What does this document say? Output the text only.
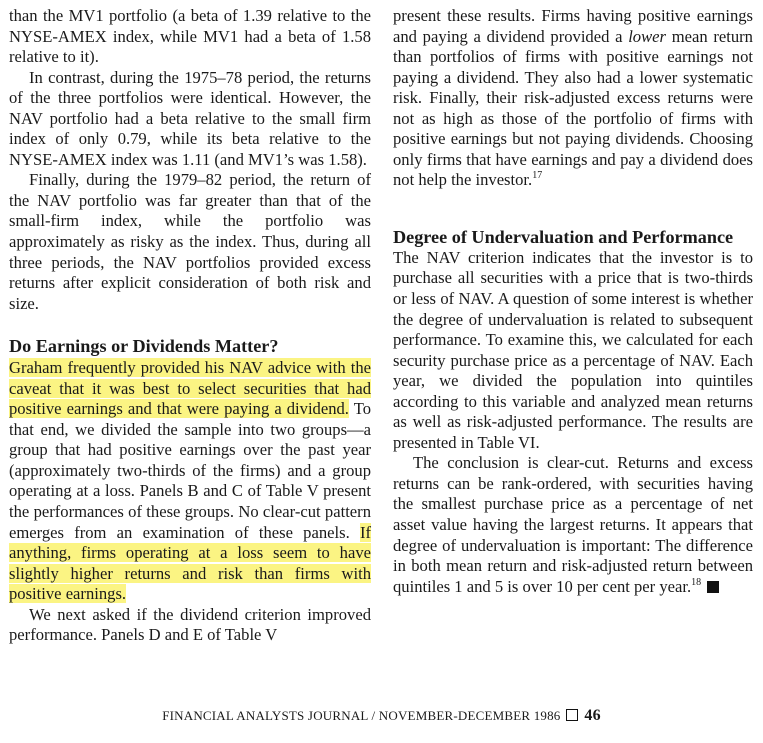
than the MV1 portfolio (a beta of 1.39 relative to the NYSE-AMEX index, while MV1 had a beta of 1.58 relative to it).

In contrast, during the 1975–78 period, the returns of the three portfolios were identical. However, the NAV portfolio had a beta relative to the small firm index of only 0.79, while its beta relative to the NYSE-AMEX index was 1.11 (and MV1’s was 1.58).

Finally, during the 1979–82 period, the return of the NAV portfolio was far greater than that of the small-firm index, while the portfolio was approximately as risky as the index. Thus, during all three periods, the NAV portfolios provided excess returns after explicit consideration of both risk and size.

Do Earnings or Dividends Matter?

Graham frequently provided his NAV advice with the caveat that it was best to select securities that had positive earnings and that were paying a dividend. To that end, we divided the sample into two groups—a group that had positive earnings over the past year (approximately two-thirds of the firms) and a group operating at a loss. Panels B and C of Table V present the performances of these groups. No clear-cut pattern emerges from an examination of these panels. If anything, firms operating at a loss seem to have slightly higher returns and risk than firms with positive earnings.

We next asked if the dividend criterion improved performance. Panels D and E of Table V

present these results. Firms having positive earnings and paying a dividend provided a lower mean return than portfolios of firms with positive earnings not paying a dividend. They also had a lower systematic risk. Finally, their risk-adjusted excess returns were not as high as those of the portfolio of firms with positive earnings but not paying dividends. Choosing only firms that have earnings and pay a dividend does not help the investor.$^{17}$

Degree of Undervaluation and Performance

The NAV criterion indicates that the investor is to purchase all securities with a price that is two-thirds or less of NAV. A question of some interest is whether the degree of undervaluation is related to subsequent performance. To examine this, we calculated for each security purchase price as a percentage of NAV. Each year, we divided the population into quintiles according to this variable and analyzed mean returns as well as risk-adjusted performance. The results are presented in Table VI.

The conclusion is clear-cut. Returns and excess returns can be rank-ordered, with securities having the smallest purchase price as a percentage of net asset value having the largest returns. It appears that degree of undervaluation is important: The difference in both mean return and risk-adjusted return between quintiles 1 and 5 is over 10 per cent per year.$^{18}$

FINANCIAL ANALYSTS JOURNAL / NOVEMBER-DECEMBER 1986 46
